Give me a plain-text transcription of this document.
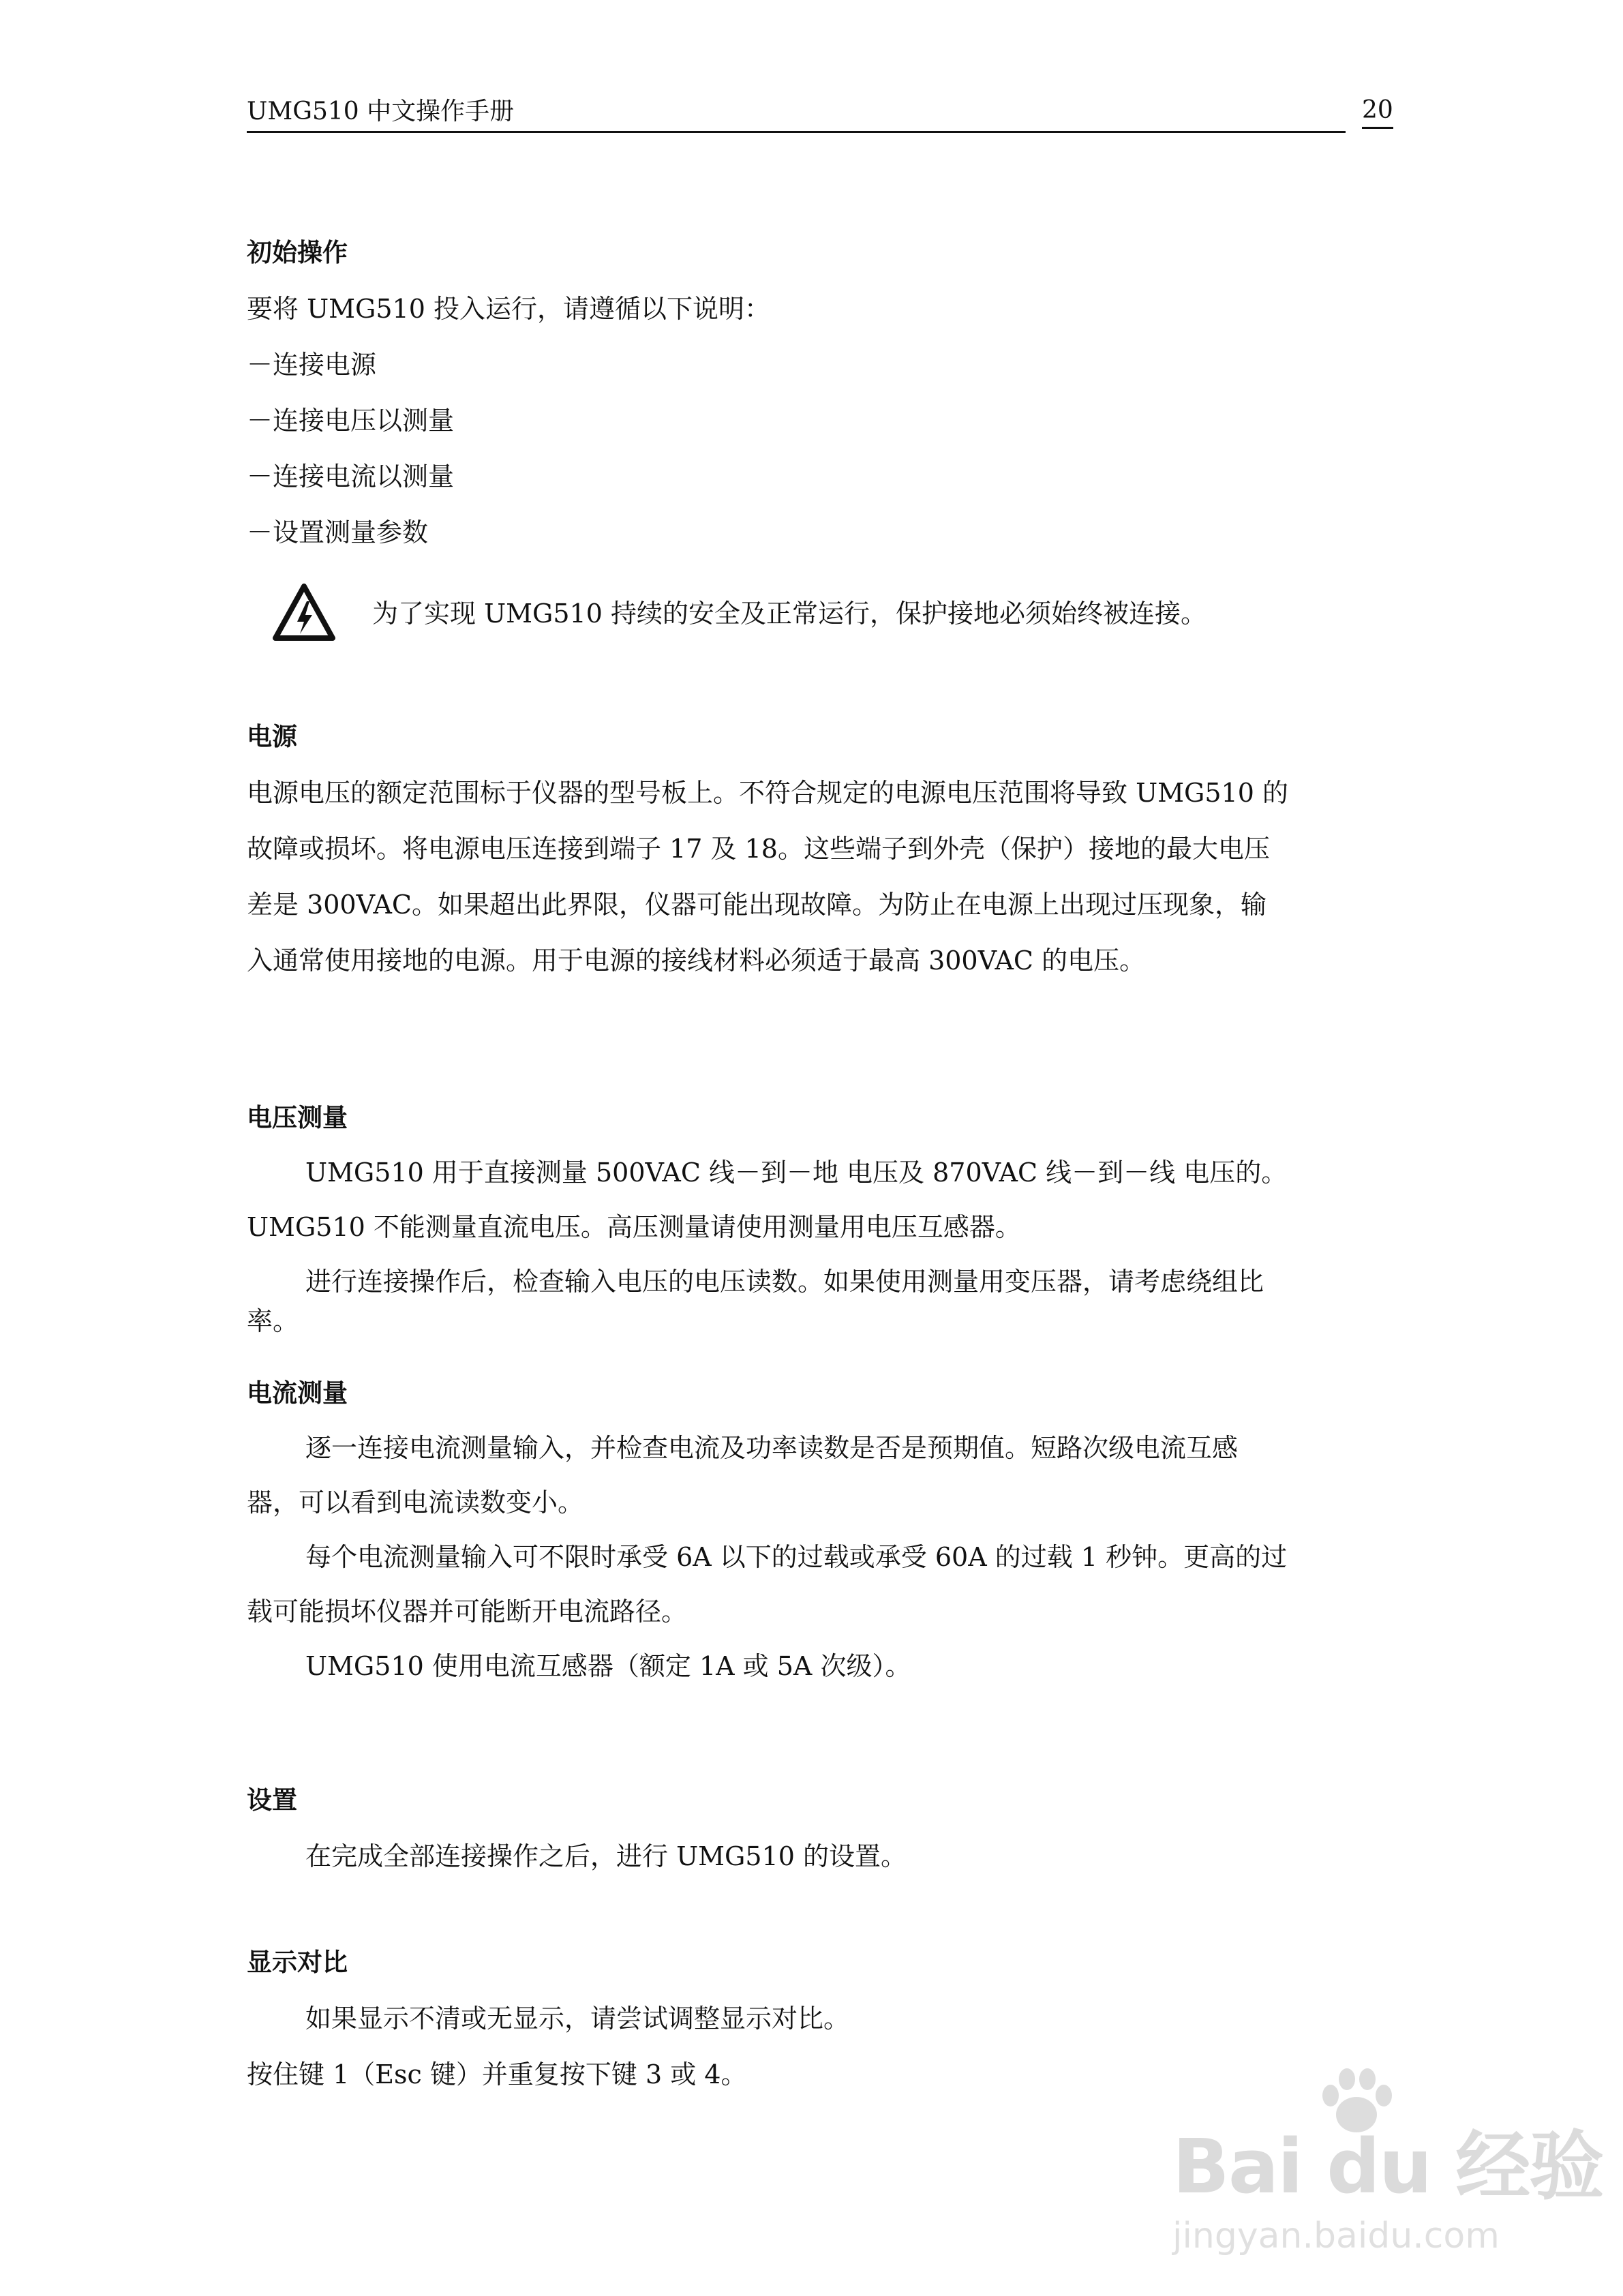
UMG510 中文操作手册	20
初始操作
要将 UMG510 投入运行，请遵循以下说明：
－连接电源
－连接电压以测量
－连接电流以测量
－设置测量参数
为了实现 UMG510 持续的安全及正常运行，保护接地必须始终被连接。
电源
电源电压的额定范围标于仪器的型号板上。不符合规定的电源电压范围将导致 UMG510 的
故障或损坏。将电源电压连接到端子 17 及 18。这些端子到外壳（保护）接地的最大电压
差是 300VAC。如果超出此界限，仪器可能出现故障。为防止在电源上出现过压现象，输
入通常使用接地的电源。用于电源的接线材料必须适于最高 300VAC 的电压。
电压测量
UMG510 用于直接测量 500VAC 线－到－地 电压及 870VAC 线－到－线 电压的。
UMG510 不能测量直流电压。高压测量请使用测量用电压互感器。
进行连接操作后，检查输入电压的电压读数。如果使用测量用变压器，请考虑绕组比
率。
电流测量
逐一连接电流测量输入，并检查电流及功率读数是否是预期值。短路次级电流互感
器，可以看到电流读数变小。
每个电流测量输入可不限时承受 6A 以下的过载或承受 60A 的过载 1 秒钟。更高的过
载可能损坏仪器并可能断开电流路径。
UMG510 使用电流互感器（额定 1A 或 5A 次级）。
设置
在完成全部连接操作之后，进行 UMG510 的设置。
显示对比
如果显示不清或无显示，请尝试调整显示对比。
按住键 1（Esc 键）并重复按下键 3 或 4。
Bai du 经验
jingyan.baidu.com
